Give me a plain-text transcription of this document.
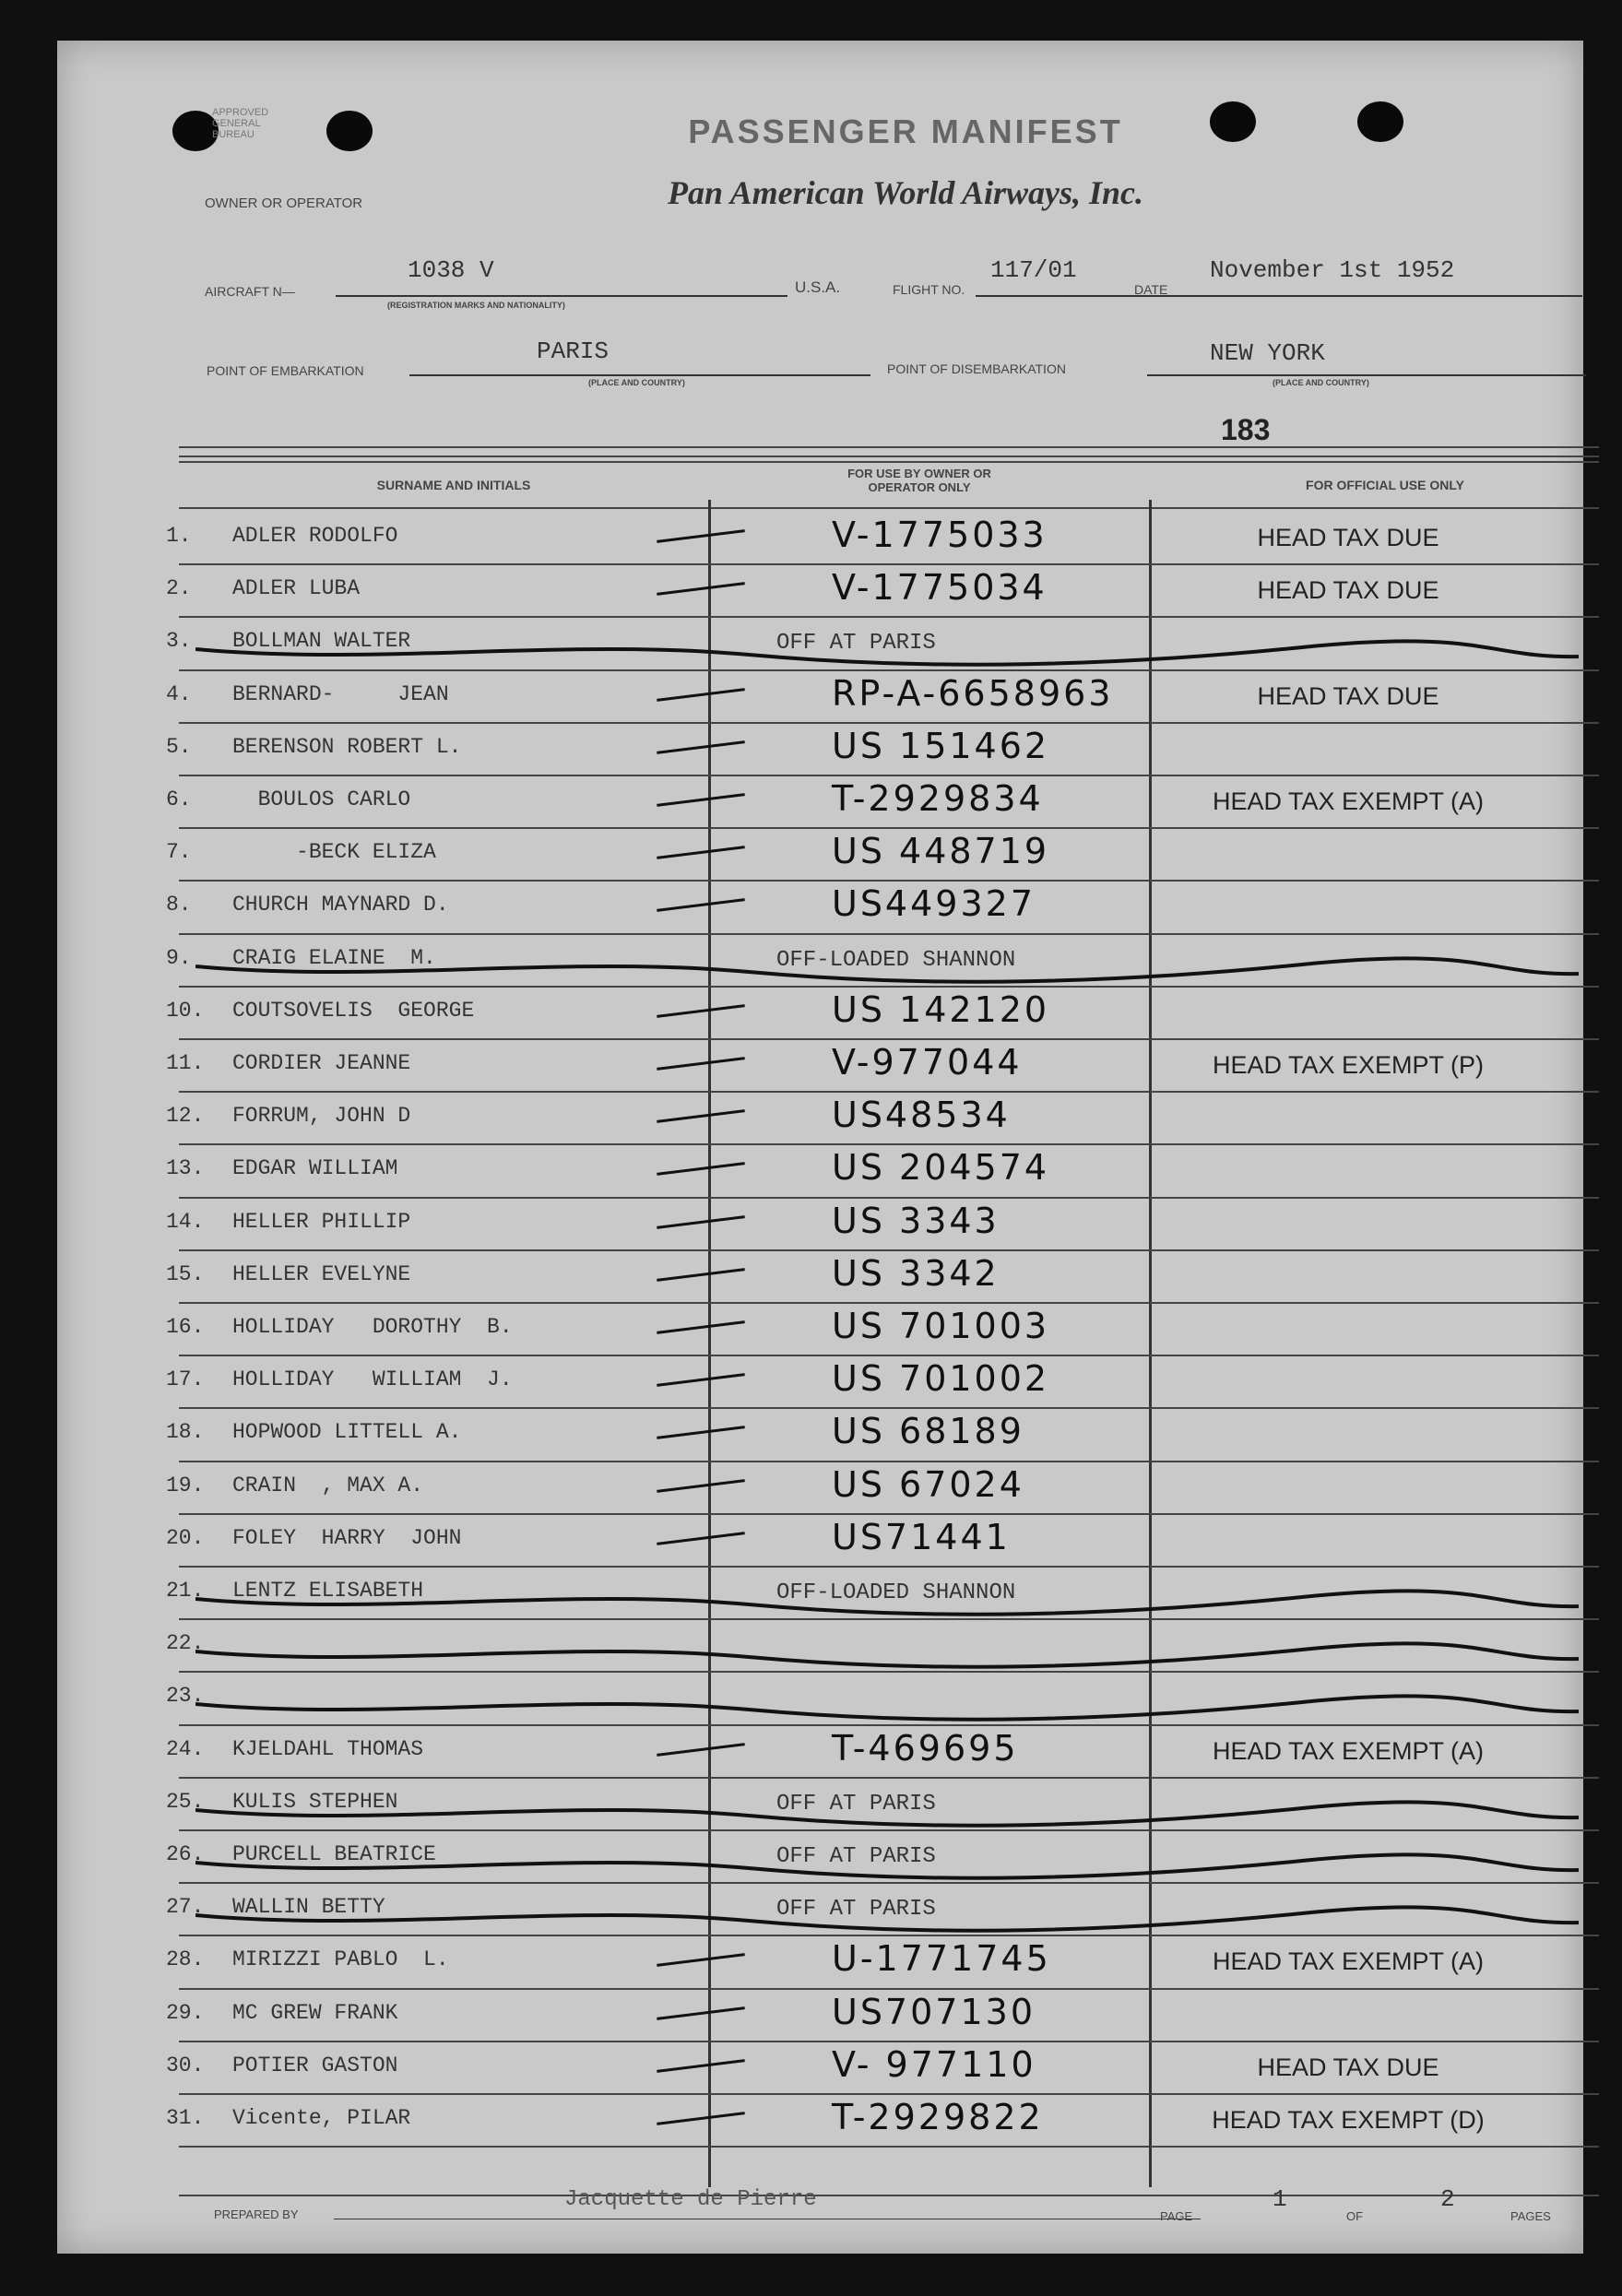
APPROVED
GENERAL
BUREAU	PASSENGER MANIFEST
OWNER OR OPERATOR	Pan American World Airways, Inc.
AIRCRAFT N—
1038 V
(REGISTRATION MARKS AND NATIONALITY)
U.S.A.	FLIGHT NO.
117/01
DATE
November 1st 1952
POINT OF EMBARKATION
PARIS
(PLACE AND COUNTRY)
POINT OF DISEMBARKATION
NEW YORK
(PLACE AND COUNTRY)
183
SURNAME AND INITIALS
FOR USE BY OWNER OR OPERATOR ONLY	FOR OFFICIAL USE ONLY
1. ADLER RODOLFO	V-1775033	HEAD TAX DUE
2. ADLER LUBA	V-1775034	HEAD TAX DUE
3. BOLLMAN WALTER	OFF AT PARIS
4. BERNARD-     JEAN	RP-A-6658963	HEAD TAX DUE
5. BERENSON ROBERT L.	US 151462
6. BOULOS CARLO	T-2929834	HEAD TAX EXEMPT (A)
7. -BECK ELIZA	US 448719
8. CHURCH MAYNARD D.	US449327
9. CRAIG ELAINE  M.	OFF-LOADED SHANNON
10. COUTSOVELIS  GEORGE	US 142120
11. CORDIER JEANNE	V-977044	HEAD TAX EXEMPT (P)
12. FORRUM, JOHN D	US48534
13. EDGAR WILLIAM	US 204574
14. HELLER PHILLIP	US 3343
15. HELLER EVELYNE	US 3342
16. HOLLIDAY   DOROTHY  B.	US 701003
17. HOLLIDAY   WILLIAM  J.	US 701002
18. HOPWOOD LITTELL A.	US 68189
19. CRAIN  , MAX A.	US 67024
20. FOLEY  HARRY  JOHN	US71441
21. LENTZ ELISABETH	OFF-LOADED SHANNON
22.
23.
24. KJELDAHL THOMAS	T-469695	HEAD TAX EXEMPT (A)
25. KULIS STEPHEN	OFF AT PARIS
26. PURCELL BEATRICE	OFF AT PARIS
27. WALLIN BETTY	OFF AT PARIS
28. MIRIZZI PABLO  L.	U-1771745	HEAD TAX EXEMPT (A)
29. MC GREW FRANK	US707130
30. POTIER GASTON	V- 977110	HEAD TAX DUE
31. Vicente, PILAR	T-2929822	HEAD TAX EXEMPT (D)
PREPARED BY
Jacquette de Pierre
PAGE
1
OF
2
PAGES
